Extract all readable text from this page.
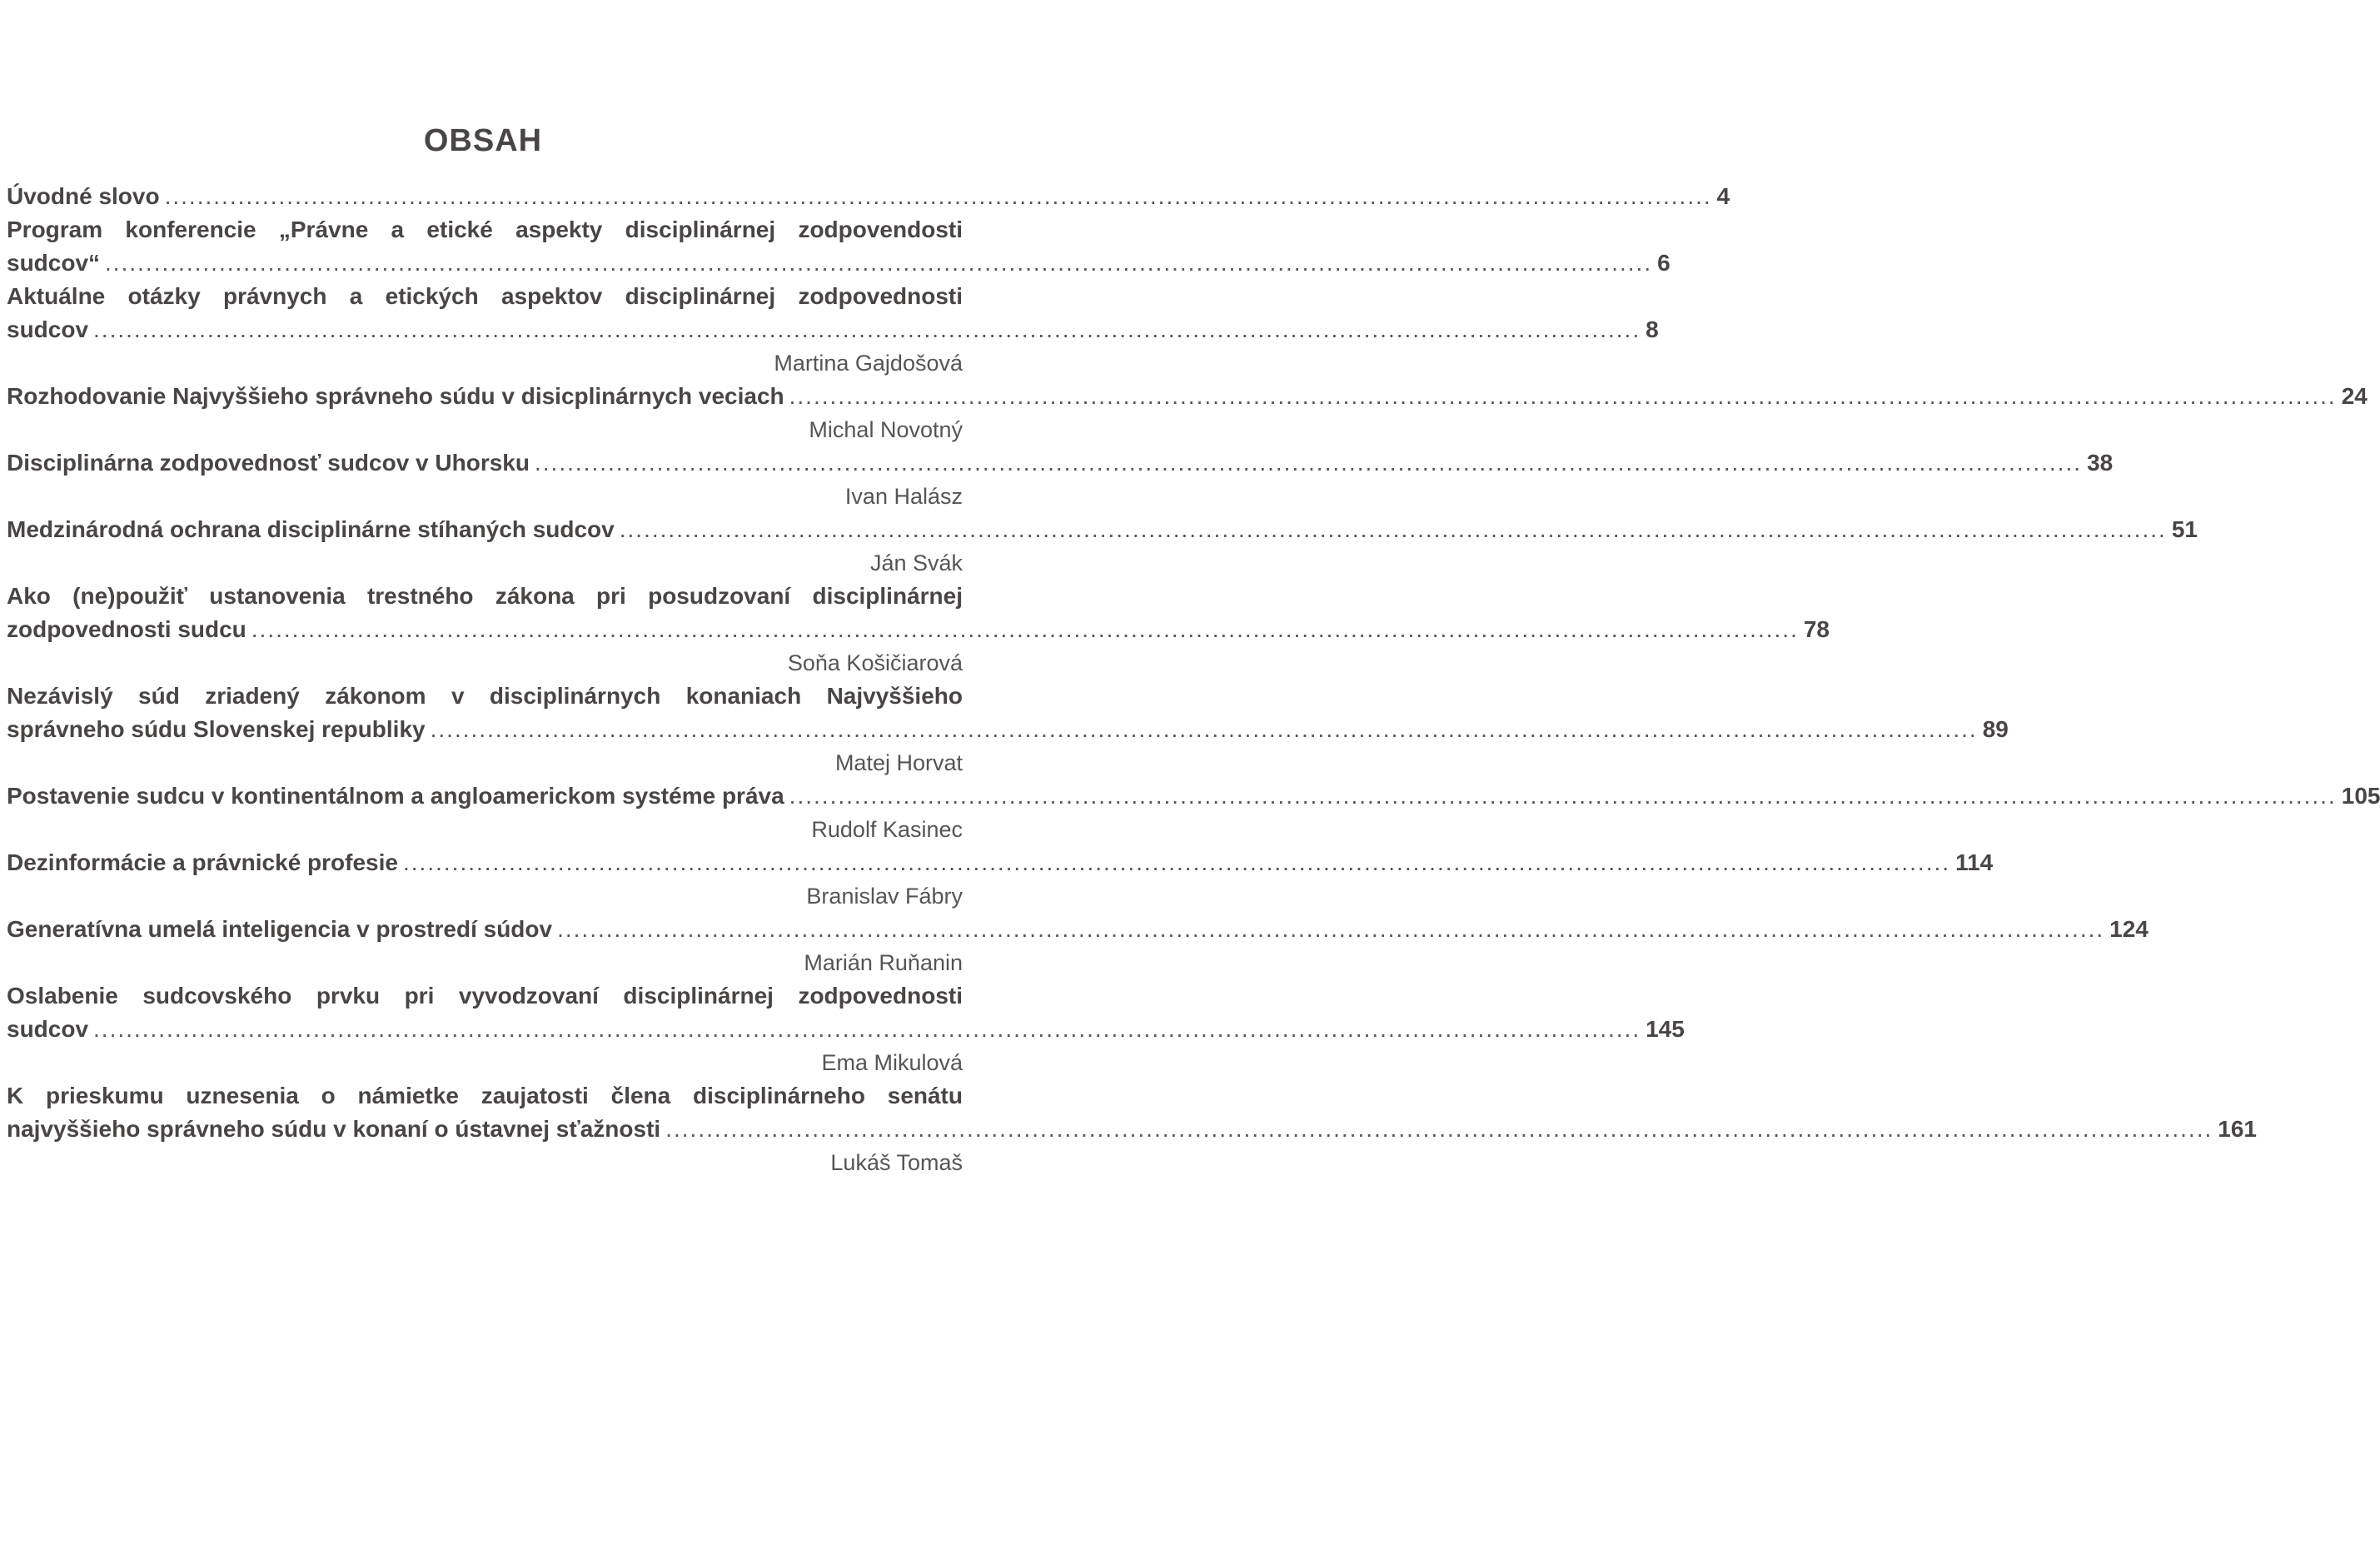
OBSAH
Úvodné slovo .............................................................................................................................................................................................. 4
Program konferencie „Právne a etické aspekty disciplinárnej zodpovendosti
sudcov“ .............................................................................................................................................................................................. 6
Aktuálne otázky právnych a etických aspektov disciplinárnej zodpovednosti
sudcov .............................................................................................................................................................................................. 8
Martina Gajdošová
Rozhodovanie Najvyššieho správneho súdu v disicplinárnych veciach .............................................................................................................................................................................................. 24
Michal Novotný
Disciplinárna zodpovednosť sudcov v Uhorsku .............................................................................................................................................................................................. 38
Ivan Halász
Medzinárodná ochrana disciplinárne stíhaných sudcov .............................................................................................................................................................................................. 51
Ján Svák
Ako (ne)použiť ustanovenia trestného zákona pri posudzovaní disciplinárnej
zodpovednosti sudcu .............................................................................................................................................................................................. 78
Soňa Košičiarová
Nezávislý súd zriadený zákonom v disciplinárnych konaniach Najvyššieho
správneho súdu Slovenskej republiky .............................................................................................................................................................................................. 89
Matej Horvat
Postavenie sudcu v kontinentálnom a angloamerickom systéme práva .............................................................................................................................................................................................. 105
Rudolf Kasinec
Dezinformácie a právnické profesie .............................................................................................................................................................................................. 114
Branislav Fábry
Generatívna umelá inteligencia v prostredí súdov .............................................................................................................................................................................................. 124
Marián Ruňanin
Oslabenie sudcovského prvku pri vyvodzovaní disciplinárnej zodpovednosti
sudcov .............................................................................................................................................................................................. 145
Ema Mikulová
K prieskumu uznesenia o námietke zaujatosti člena disciplinárneho senátu
najvyššieho správneho súdu v konaní o ústavnej sťažnosti .............................................................................................................................................................................................. 161
Lukáš Tomaš
